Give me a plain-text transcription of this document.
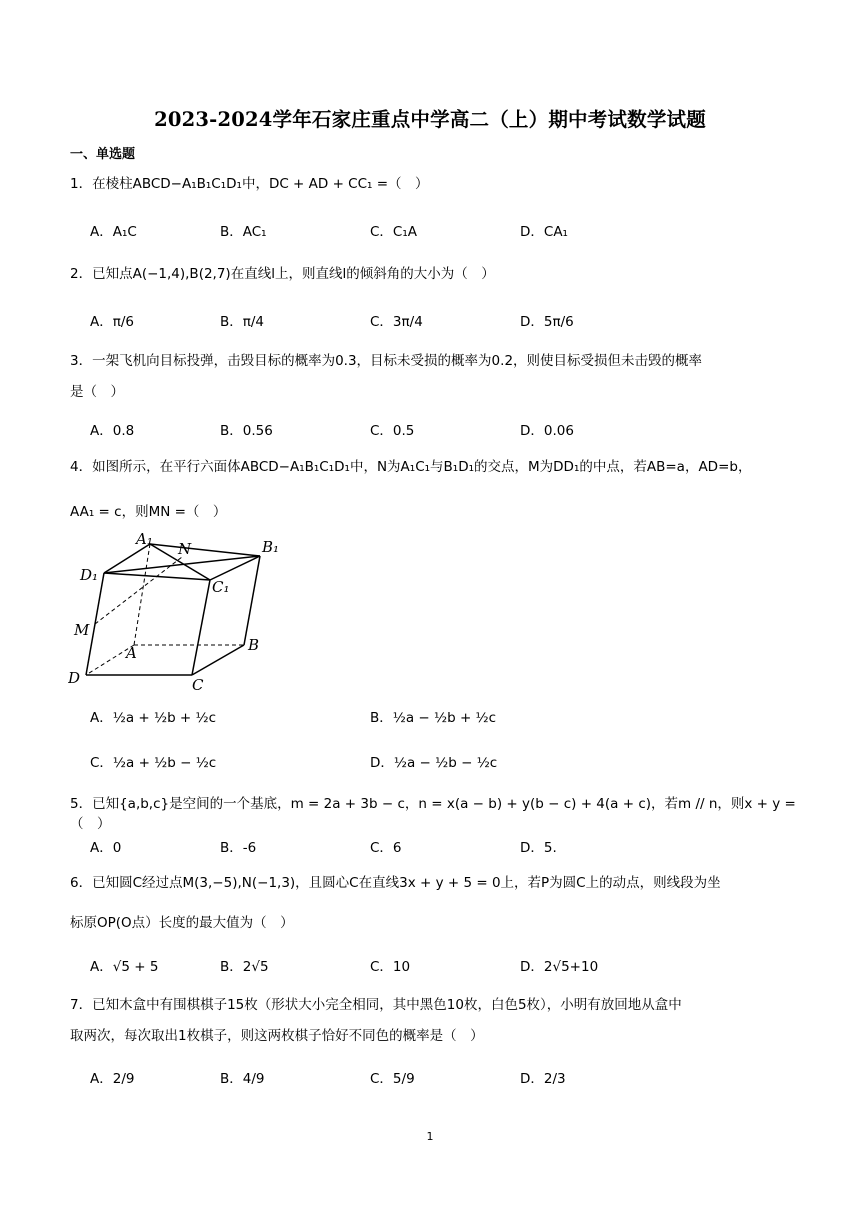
2023-2024学年石家庄重点中学高二（上）期中考试数学试题
一、单选题
1．在棱柱ABCD−A₁B₁C₁D₁中，DC + AD + CC₁ =（　）
A．A₁C	B．AC₁	C．C₁A	D．CA₁
2．已知点A(−1,4),B(2,7)在直线l上，则直线l的倾斜角的大小为（　）
A．π/6	B．π/4	C．3π/4	D．5π/6
3．一架飞机向目标投弹，击毁目标的概率为0.3，目标未受损的概率为0.2，则使目标受损但未击毁的概率
是（　）
A．0.8	B．0.56	C．0.5	D．0.06
4．如图所示，在平行六面体ABCD−A₁B₁C₁D₁中，N为A₁C₁与B₁D₁的交点，M为DD₁的中点，若AB=a，AD=b，
AA₁ = c，则MN =（　）
A₁	B₁
N
D₁
C₁
M
A	B
D	C
A．½a + ½b + ½c	B．½a − ½b + ½c
C．½a + ½b − ½c	D．½a − ½b − ½c
5．已知{a,b,c}是空间的一个基底，m = 2a + 3b − c，n = x(a − b) + y(b − c) + 4(a + c)，若m // n，则x + y =（　）
A．0	B．-6	C．6	D．5.
6．已知圆C经过点M(3,−5),N(−1,3)，且圆心C在直线3x + y + 5 = 0上，若P为圆C上的动点，则线段为坐
标原OP(O点）长度的最大值为（　）
A．√5 + 5	B．2√5	C．10	D．2√5+10
7．已知木盒中有围棋棋子15枚（形状大小完全相同，其中黑色10枚，白色5枚），小明有放回地从盒中
取两次，每次取出1枚棋子，则这两枚棋子恰好不同色的概率是（　）
A．2/9	B．4/9	C．5/9	D．2/3
1
